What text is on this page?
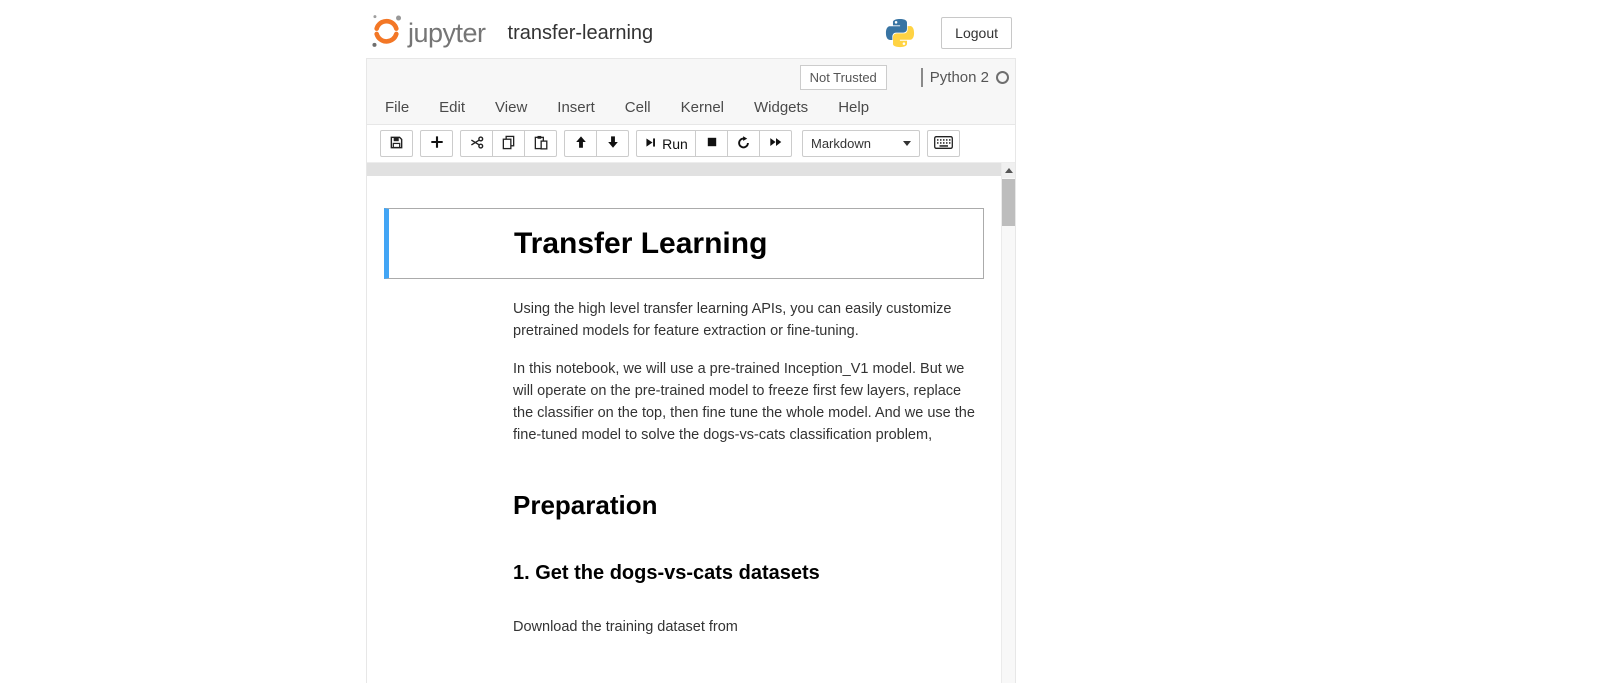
jupyter transfer-learning	Logout
Not Trusted	Python 2
File	Edit	View	Insert	Cell	Kernel	Widgets	Help
Run	Markdown
Transfer Learning

Using the high level transfer learning APIs, you can easily customize pretrained models for feature extraction or fine-tuning.

In this notebook, we will use a pre-trained Inception_V1 model. But we will operate on the pre-trained model to freeze first few layers, replace the classifier on the top, then fine tune the whole model. And we use the fine-tuned model to solve the dogs-vs-cats classification problem,

Preparation
1. Get the dogs-vs-cats datasets

Download the training dataset from
